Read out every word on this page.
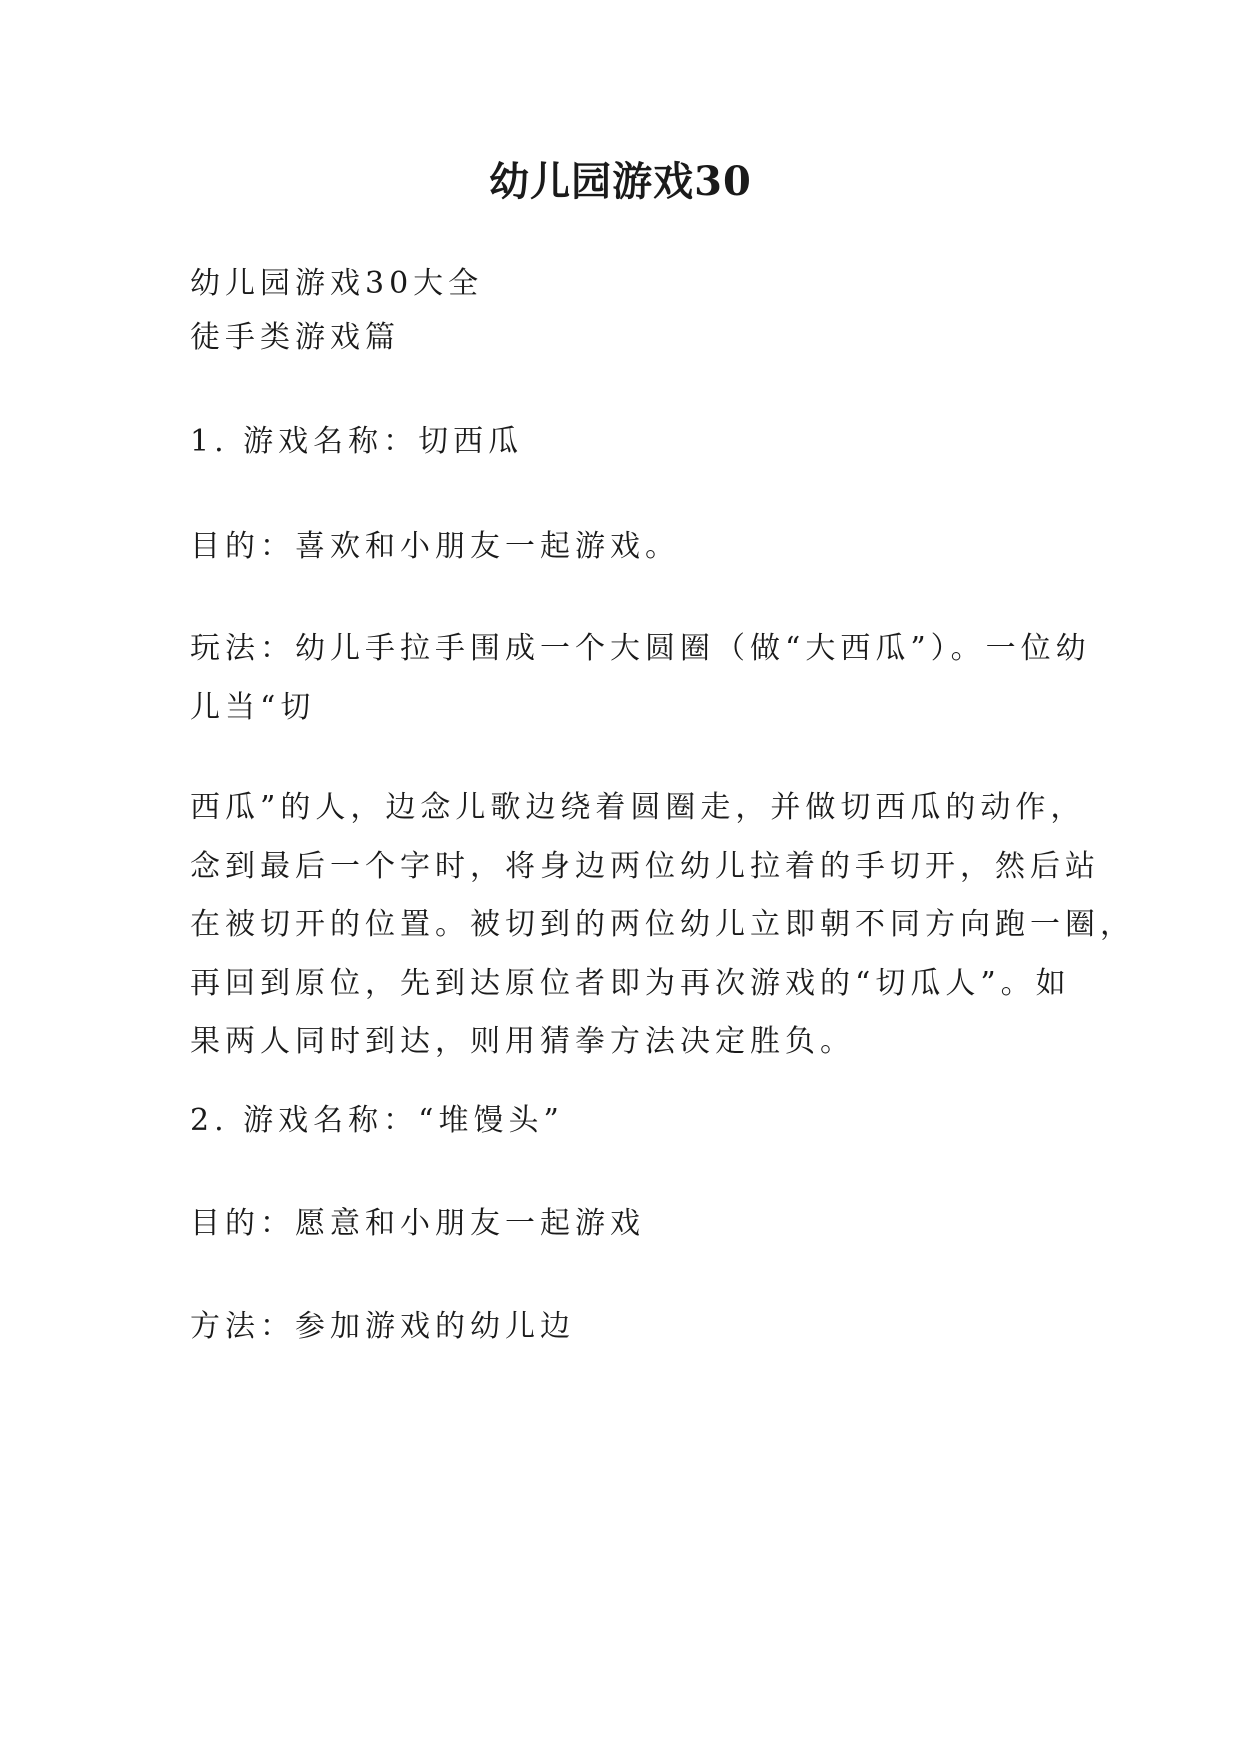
幼儿园游戏30
幼儿园游戏30大全
徒手类游戏篇
1. 游戏名称：切西瓜
目的：喜欢和小朋友一起游戏。
玩法：幼儿手拉手围成一个大圆圈（做“大西瓜”）。一位幼
儿当“切
西瓜”的人，边念儿歌边绕着圆圈走，并做切西瓜的动作，
念到最后一个字时，将身边两位幼儿拉着的手切开，然后站
在被切开的位置。被切到的两位幼儿立即朝不同方向跑一圈，
再回到原位，先到达原位者即为再次游戏的“切瓜人”。如
果两人同时到达，则用猜拳方法决定胜负。
2. 游戏名称：“堆馒头”
目的：愿意和小朋友一起游戏
方法：参加游戏的幼儿边
